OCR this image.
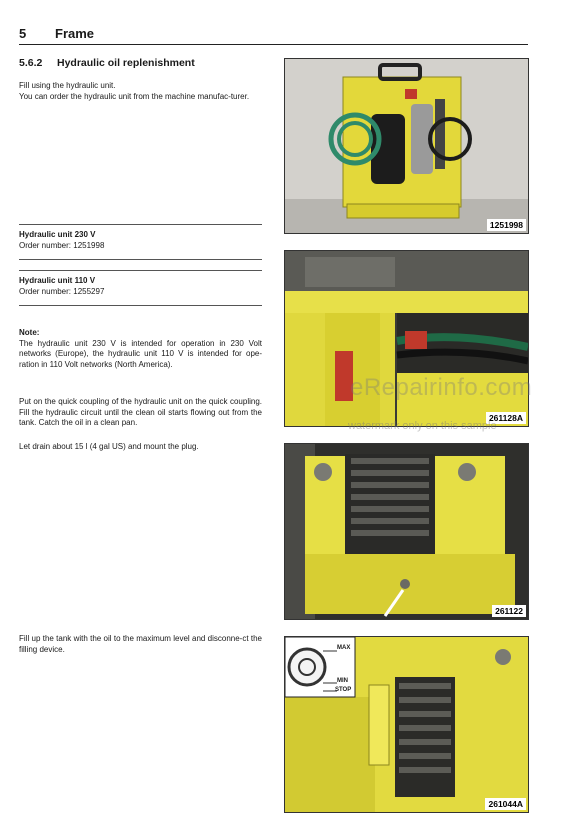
5 Frame
5.6.2 Hydraulic oil replenishment
Fill using the hydraulic unit.
You can order the hydraulic unit from the machine manufac-turer.
Hydraulic unit 230 V
Order number: 1251998
Hydraulic unit 110 V
Order number: 1255297
Note:
The hydraulic unit 230 V is intended for operation in 230 Volt networks (Europe), the hydraulic unit 110 V is intended for ope-ration in 110 Volt networks (North America).
Put on the quick coupling of the hydraulic unit on the quick coupling. Fill the hydraulic circuit until the clean oil starts flowing out from the tank. Catch the oil in a clean pan.
Let drain about 15 l (4 gal US) and mount the plug.
Fill up the tank with the oil to the maximum level and disconne-ct the filling device.
1251998
261128A
261122
MAX
MIN
STOP
261044A
eRepairinfo.com
watermark only on this sample
